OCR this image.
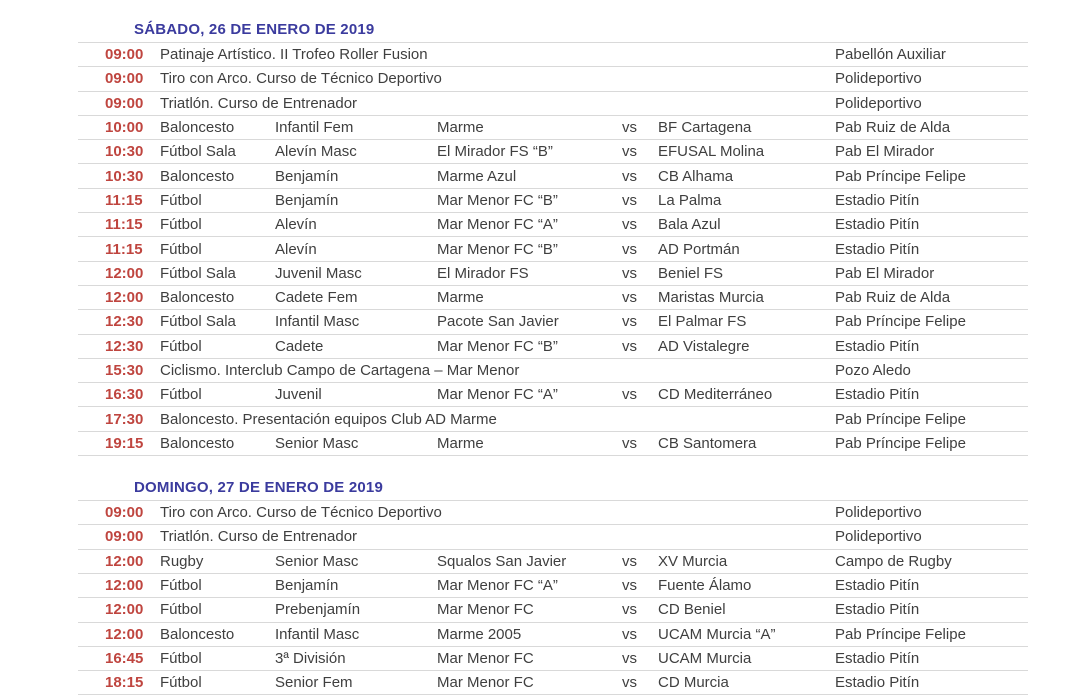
SÁBADO, 26 DE ENERO DE 2019
09:00	Patinaje Artístico. II Trofeo Roller Fusion	Pabellón Auxiliar
09:00	Tiro con Arco. Curso de Técnico Deportivo	Polideportivo
09:00	Triatlón. Curso de Entrenador	Polideportivo
10:00	Baloncesto	Infantil Fem	Marme	vs	BF Cartagena	Pab Ruiz de Alda
10:30	Fútbol Sala	Alevín Masc	El Mirador FS “B”	vs	EFUSAL Molina	Pab El Mirador
10:30	Baloncesto	Benjamín	Marme Azul	vs	CB Alhama	Pab Príncipe Felipe
11:15	Fútbol	Benjamín	Mar Menor FC “B”	vs	La Palma	Estadio Pitín
11:15	Fútbol	Alevín	Mar Menor FC “A”	vs	Bala Azul	Estadio Pitín
11:15	Fútbol	Alevín	Mar Menor FC “B”	vs	AD Portmán	Estadio Pitín
12:00	Fútbol Sala	Juvenil Masc	El Mirador FS	vs	Beniel FS	Pab El Mirador
12:00	Baloncesto	Cadete Fem	Marme	vs	Maristas Murcia	Pab Ruiz de Alda
12:30	Fútbol Sala	Infantil Masc	Pacote San Javier	vs	El Palmar FS	Pab Príncipe Felipe
12:30	Fútbol	Cadete	Mar Menor FC “B”	vs	AD Vistalegre	Estadio Pitín
15:30	Ciclismo. Interclub Campo de Cartagena – Mar Menor	Pozo Aledo
16:30	Fútbol	Juvenil	Mar Menor FC “A”	vs	CD Mediterráneo	Estadio Pitín
17:30	Baloncesto. Presentación equipos Club AD Marme	Pab Príncipe Felipe
19:15	Baloncesto	Senior Masc	Marme	vs	CB Santomera	Pab Príncipe Felipe
DOMINGO, 27 DE ENERO DE 2019
09:00	Tiro con Arco. Curso de Técnico Deportivo	Polideportivo
09:00	Triatlón. Curso de Entrenador	Polideportivo
12:00	Rugby	Senior Masc	Squalos San Javier	vs	XV Murcia	Campo de Rugby
12:00	Fútbol	Benjamín	Mar Menor FC “A”	vs	Fuente Álamo	Estadio Pitín
12:00	Fútbol	Prebenjamín	Mar Menor FC	vs	CD Beniel	Estadio Pitín
12:00	Baloncesto	Infantil Masc	Marme 2005	vs	UCAM Murcia “A”	Pab Príncipe Felipe
16:45	Fútbol	3ª División	Mar Menor FC	vs	UCAM Murcia	Estadio Pitín
18:15	Fútbol	Senior Fem	Mar Menor FC	vs	CD Murcia	Estadio Pitín
